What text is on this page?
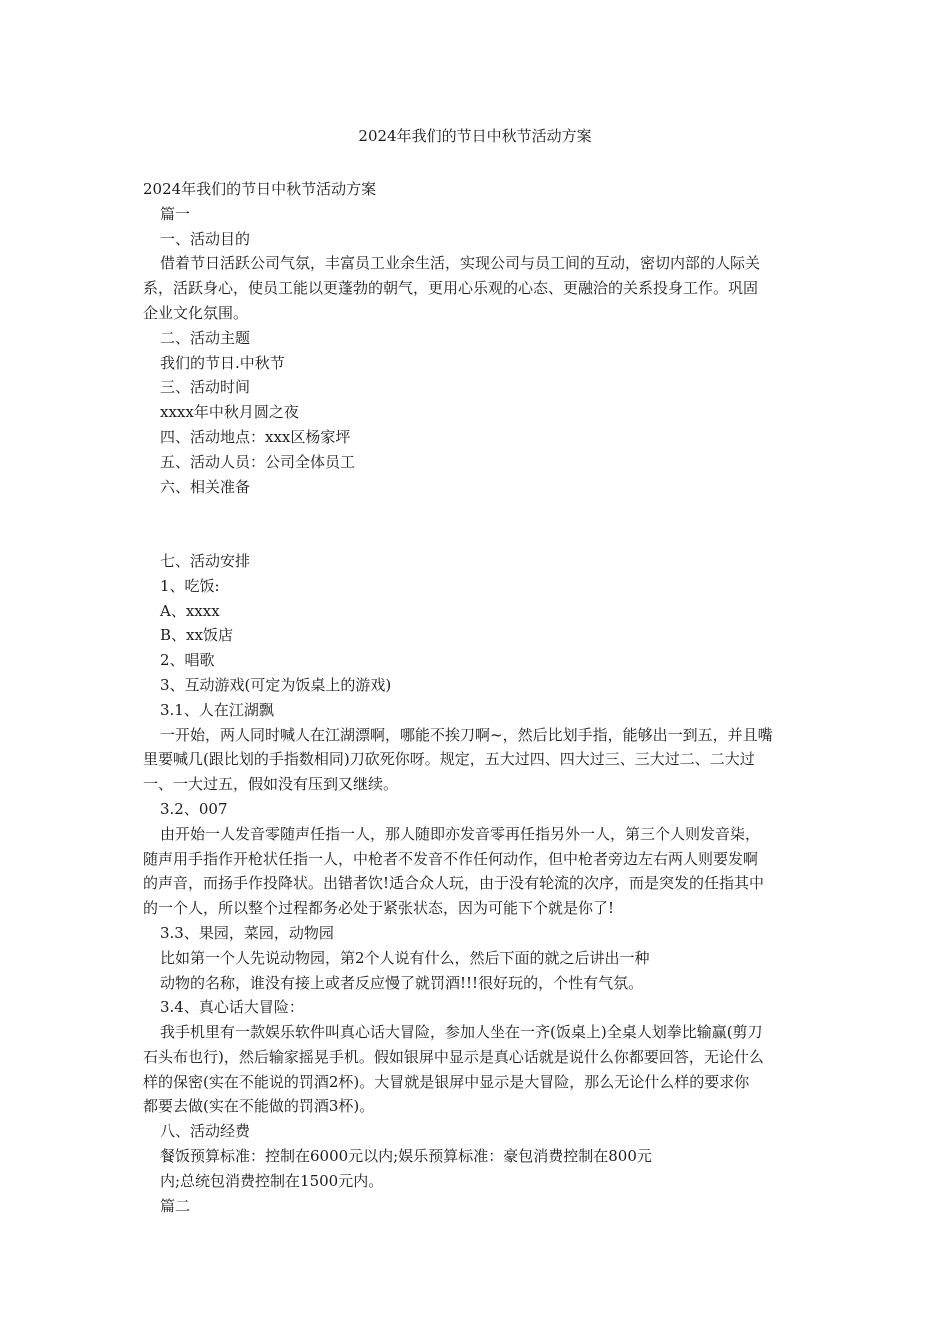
2024年我们的节日中秋节活动方案
2024年我们的节日中秋节活动方案
篇一
一、活动目的
借着节日活跃公司气氛，丰富员工业余生活，实现公司与员工间的互动，密切内部的人际关
系，活跃身心，使员工能以更蓬勃的朝气，更用心乐观的心态、更融洽的关系投身工作。巩固
企业文化氛围。
二、活动主题
我们的节日.中秋节
三、活动时间
xxxx年中秋月圆之夜
四、活动地点：xxx区杨家坪
五、活动人员：公司全体员工
六、相关准备
七、活动安排
1、吃饭:
A、xxxx
B、xx饭店
2、唱歌
3、互动游戏(可定为饭桌上的游戏)
3.1、人在江湖飘
一开始，两人同时喊人在江湖漂啊，哪能不挨刀啊~，然后比划手指，能够出一到五，并且嘴
里要喊几(跟比划的手指数相同)刀砍死你呀。规定，五大过四、四大过三、三大过二、二大过
一、一大过五，假如没有压到又继续。
3.2、007
由开始一人发音零随声任指一人，那人随即亦发音零再任指另外一人，第三个人则发音柒，
随声用手指作开枪状任指一人，中枪者不发音不作任何动作，但中枪者旁边左右两人则要发啊
的声音，而扬手作投降状。出错者饮!适合众人玩，由于没有轮流的次序，而是突发的任指其中
的一个人，所以整个过程都务必处于紧张状态，因为可能下个就是你了!
3.3、果园，菜园，动物园
比如第一个人先说动物园，第2个人说有什么，然后下面的就之后讲出一种
动物的名称，谁没有接上或者反应慢了就罚酒!!!很好玩的，个性有气氛。
3.4、真心话大冒险：
我手机里有一款娱乐软件叫真心话大冒险，参加人坐在一齐(饭桌上)全桌人划拳比输赢(剪刀
石头布也行)，然后输家摇晃手机。假如银屏中显示是真心话就是说什么你都要回答，无论什么
样的保密(实在不能说的罚酒2杯)。大冒就是银屏中显示是大冒险，那么无论什么样的要求你
都要去做(实在不能做的罚酒3杯)。
八、活动经费
餐饭预算标准：控制在6000元以内;娱乐预算标准：豪包消费控制在800元
内;总统包消费控制在1500元内。
篇二
